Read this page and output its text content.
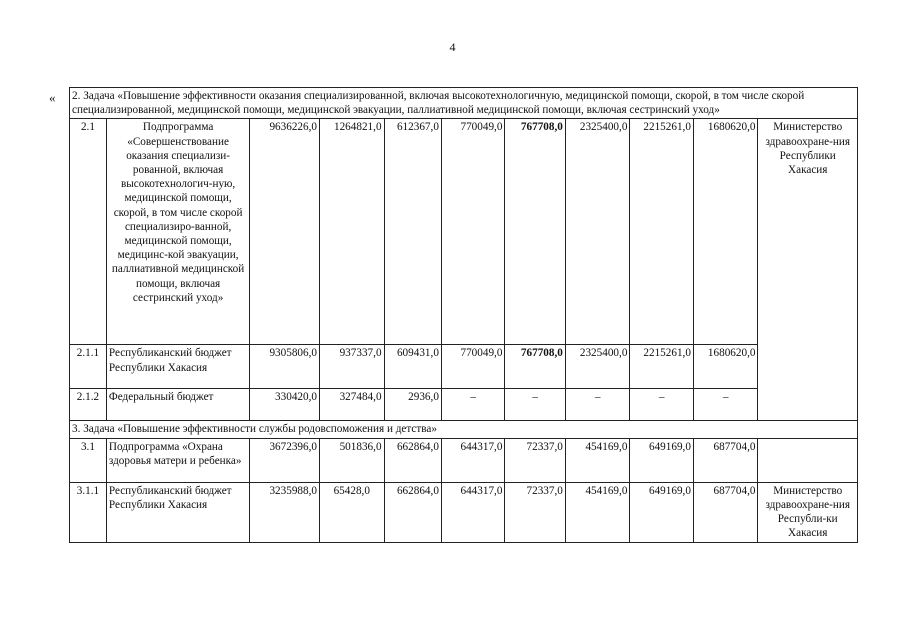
4
« 2. Задача «Повышение эффективности оказания специализированной, включая высокотехнологичную, медицинской помощи, скорой, в том числе скорой специализированной, медицинской помощи, медицинской эвакуации, паллиативной медицинской помощи, включая сестринский уход»										
2.1	Подпрограмма «Совершенствование оказания специализи-рованной, включая высокотехнологич-ную, медицинской помощи, скорой, в том числе скорой специализиро-ванной, медицинской помощи, медицинс-кой эвакуации, паллиативной медицинской помощи, включая сестринский уход»	9636226,0	1264821,0	612367,0	770049,0	767708,0	2325400,0	2215261,0	1680620,0	Министерство здравоохране-ния Республики Хакасия
2.1.1	Республиканский бюджет Республики Хакасия	9305806,0	937337,0	609431,0	770049,0	767708,0	2325400,0	2215261,0	1680620,0	
2.1.2	Федеральный бюджет	330420,0	327484,0	2936,0	–	–	–	–	–	
3. Задача «Повышение эффективности службы родовспоможения и детства»										
3.1	Подпрограмма «Охрана здоровья матери и ребенка»	3672396,0	501836,0	662864,0	644317,0	72337,0	454169,0	649169,0	687704,0	
3.1.1	Республиканский бюджет Республики Хакасия	3235988,0	65428,0	662864,0	644317,0	72337,0	454169,0	649169,0	687704,0	Министерство здравоохране-ния Республи-ки Хакасия
